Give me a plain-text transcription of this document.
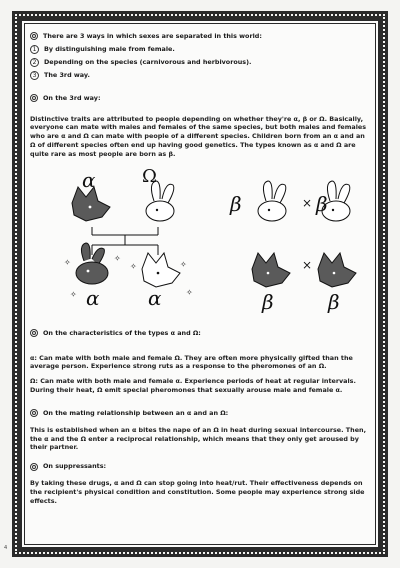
There are 3 ways in which sexes are separated in this world:
1	By distinguishing male from female.
2	Depending on the species (carnivorous and herbivorous).
3	The 3rd way.
On the 3rd way:

Distinctive traits are attributed to people depending on whether they're α, β or Ω. Basically, everyone can mate with males and females of the same species, but both males and females who are α and Ω can mate with people of a different species. Children born from an α and an Ω of different species often end up having good genetics. The types known as α and Ω are quite rare as most people are born as β.

α	Ω
α α
β	× β
β
×
β
✧
✧
✧
✧	✧
✧
On the characteristics of the types α and Ω:

α: Can mate with both male and female Ω. They are often more physically gifted than the average person. Experience strong ruts as a response to the pheromones of an Ω.

Ω: Can mate with both male and female α. Experience periods of heat at regular intervals. During their heat, Ω emit special pheromones that sexually arouse male and female α.

On the mating relationship between an α and an Ω:

This is established when an α bites the nape of an Ω in heat during sexual intercourse. Then, the α and the Ω enter a reciprocal relationship, which means that they only get aroused by their partner.

On suppressants:

By taking these drugs, α and Ω can stop going into heat/rut. Their effectiveness depends on the recipient's physical condition and constitution. Some people may experience strong side effects.

4
